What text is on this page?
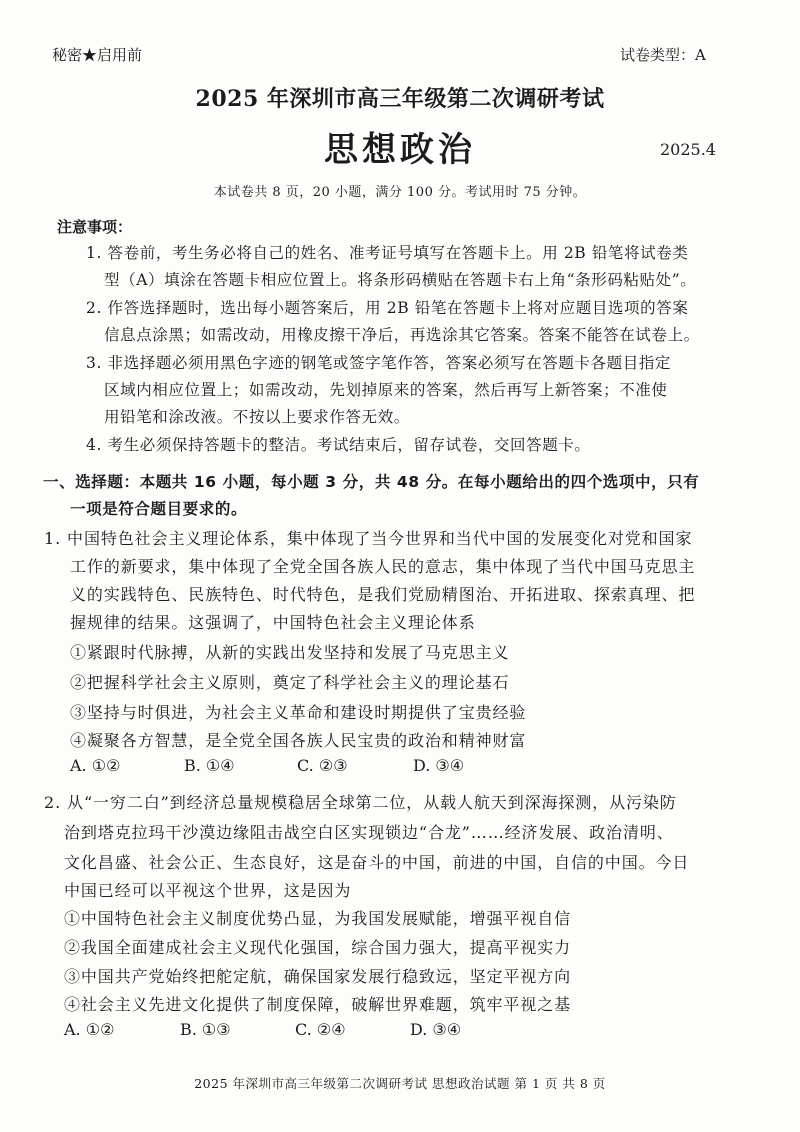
秘密★启用前	试卷类型：A
2025 年深圳市高三年级第二次调研考试
思想政治	2025.4
本试卷共 8 页，20 小题，满分 100 分。考试用时 75 分钟。
注意事项：
1. 答卷前，考生务必将自己的姓名、准考证号填写在答题卡上。用 2B 铅笔将试卷类
型（A）填涂在答题卡相应位置上。将条形码横贴在答题卡右上角“条形码粘贴处”。
2. 作答选择题时，选出每小题答案后，用 2B 铅笔在答题卡上将对应题目选项的答案
信息点涂黑；如需改动，用橡皮擦干净后，再选涂其它答案。答案不能答在试卷上。
3. 非选择题必须用黑色字迹的钢笔或签字笔作答，答案必须写在答题卡各题目指定
区域内相应位置上；如需改动，先划掉原来的答案，然后再写上新答案；不准使
用铅笔和涂改液。不按以上要求作答无效。
4. 考生必须保持答题卡的整洁。考试结束后，留存试卷，交回答题卡。
一、选择题：本题共 16 小题，每小题 3 分，共 48 分。在每小题给出的四个选项中，只有
一项是符合题目要求的。
1. 中国特色社会主义理论体系，集中体现了当今世界和当代中国的发展变化对党和国家
工作的新要求，集中体现了全党全国各族人民的意志，集中体现了当代中国马克思主
义的实践特色、民族特色、时代特色，是我们党励精图治、开拓进取、探索真理、把
握规律的结果。这强调了，中国特色社会主义理论体系
①紧跟时代脉搏，从新的实践出发坚持和发展了马克思主义
②把握科学社会主义原则，奠定了科学社会主义的理论基石
③坚持与时俱进，为社会主义革命和建设时期提供了宝贵经验
④凝聚各方智慧，是全党全国各族人民宝贵的政治和精神财富
A. ①②	B. ①④	C. ②③	D. ③④
2. 从“一穷二白”到经济总量规模稳居全球第二位，从载人航天到深海探测，从污染防
治到塔克拉玛干沙漠边缘阻击战空白区实现锁边“合龙”……经济发展、政治清明、
文化昌盛、社会公正、生态良好，这是奋斗的中国，前进的中国，自信的中国。今日
中国已经可以平视这个世界，这是因为
①中国特色社会主义制度优势凸显，为我国发展赋能，增强平视自信
②我国全面建成社会主义现代化强国，综合国力强大，提高平视实力
③中国共产党始终把舵定航，确保国家发展行稳致远，坚定平视方向
④社会主义先进文化提供了制度保障，破解世界难题，筑牢平视之基
A. ①②	B. ①③	C. ②④	D. ③④
2025 年深圳市高三年级第二次调研考试 思想政治试题 第 1 页 共 8 页
